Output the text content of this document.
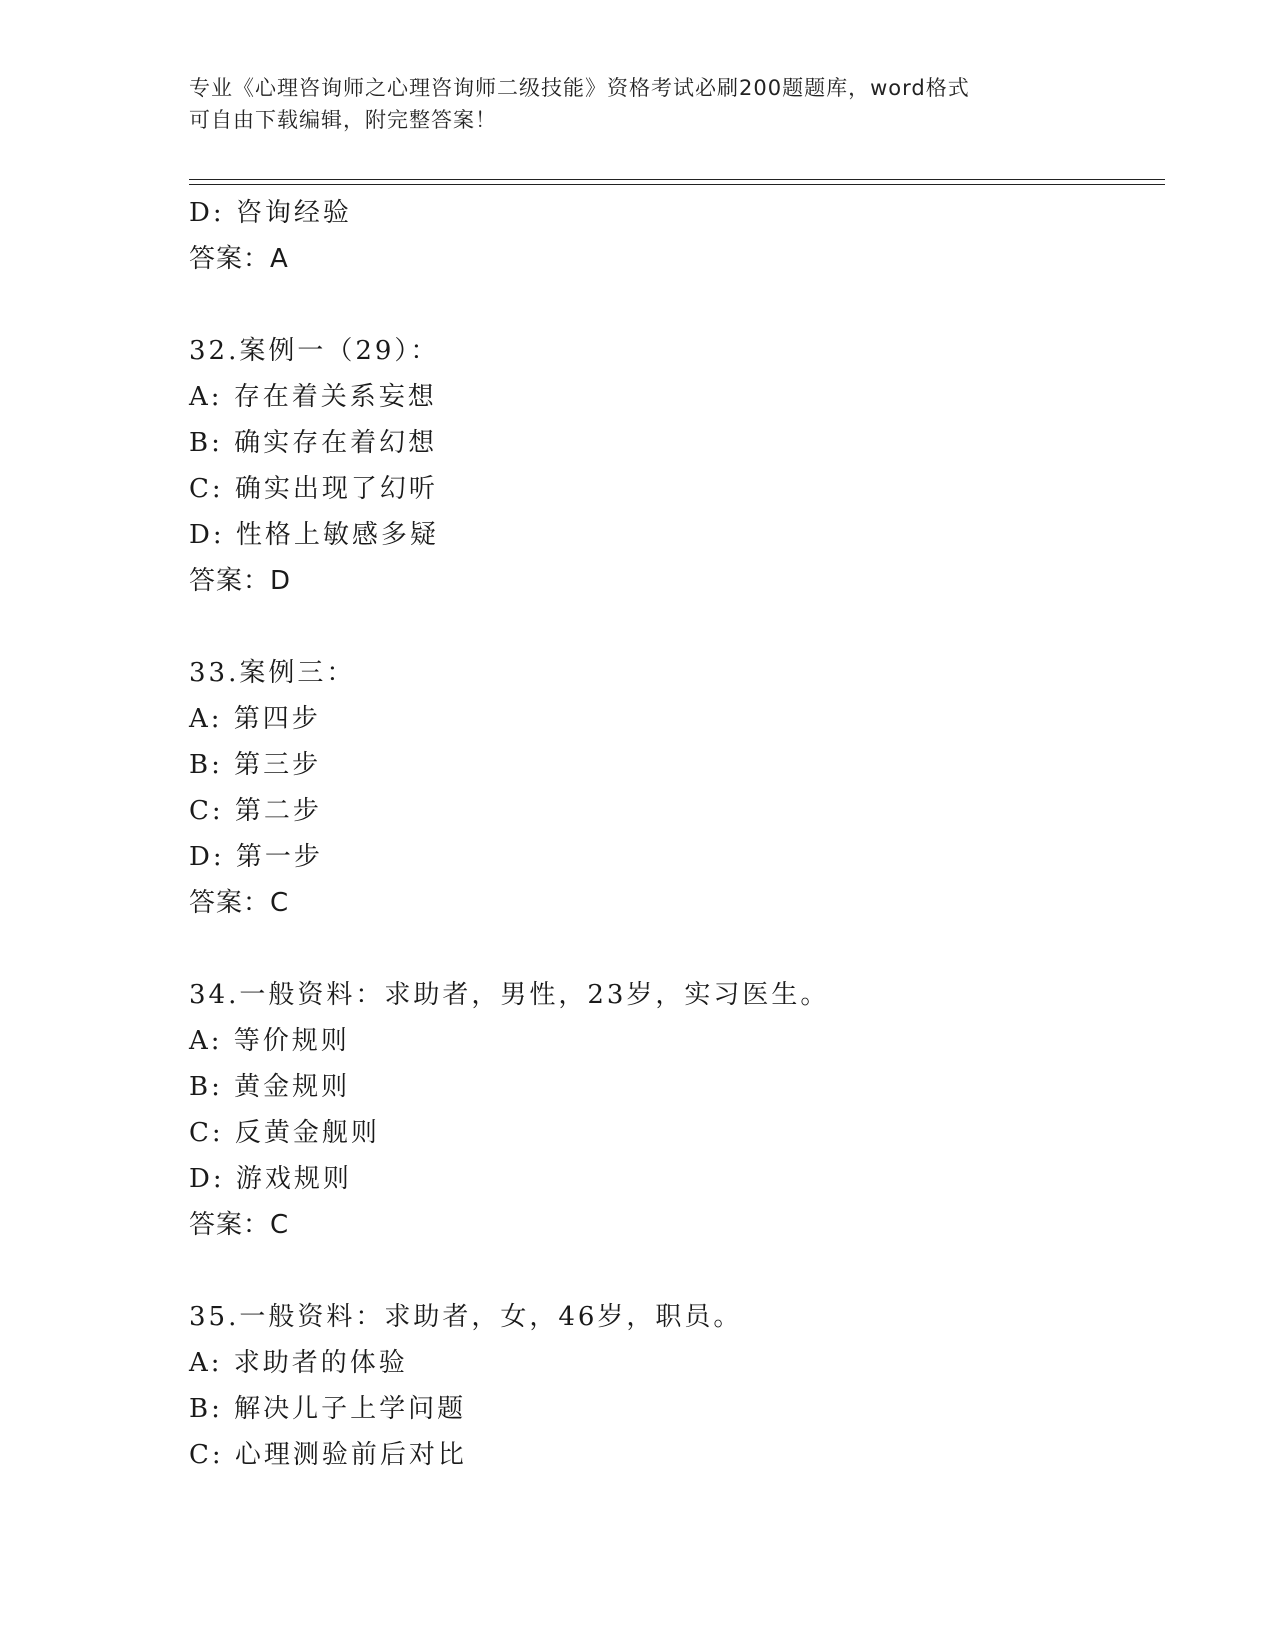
专业《心理咨询师之心理咨询师二级技能》资格考试必刷200题题库，word格式
可自由下载编辑，附完整答案！
D: 咨询经验
答案：A
32.案例一（29）：
A: 存在着关系妄想
B: 确实存在着幻想
C: 确实出现了幻听
D: 性格上敏感多疑
答案：D
33.案例三：
A: 第四步
B: 第三步
C: 第二步
D: 第一步
答案：C
34.一般资料：求助者，男性，23岁，实习医生。
A: 等价规则
B: 黄金规则
C: 反黄金舰则
D: 游戏规则
答案：C
35.一般资料：求助者，女，46岁，职员。
A: 求助者的体验
B: 解决儿子上学问题
C: 心理测验前后对比
